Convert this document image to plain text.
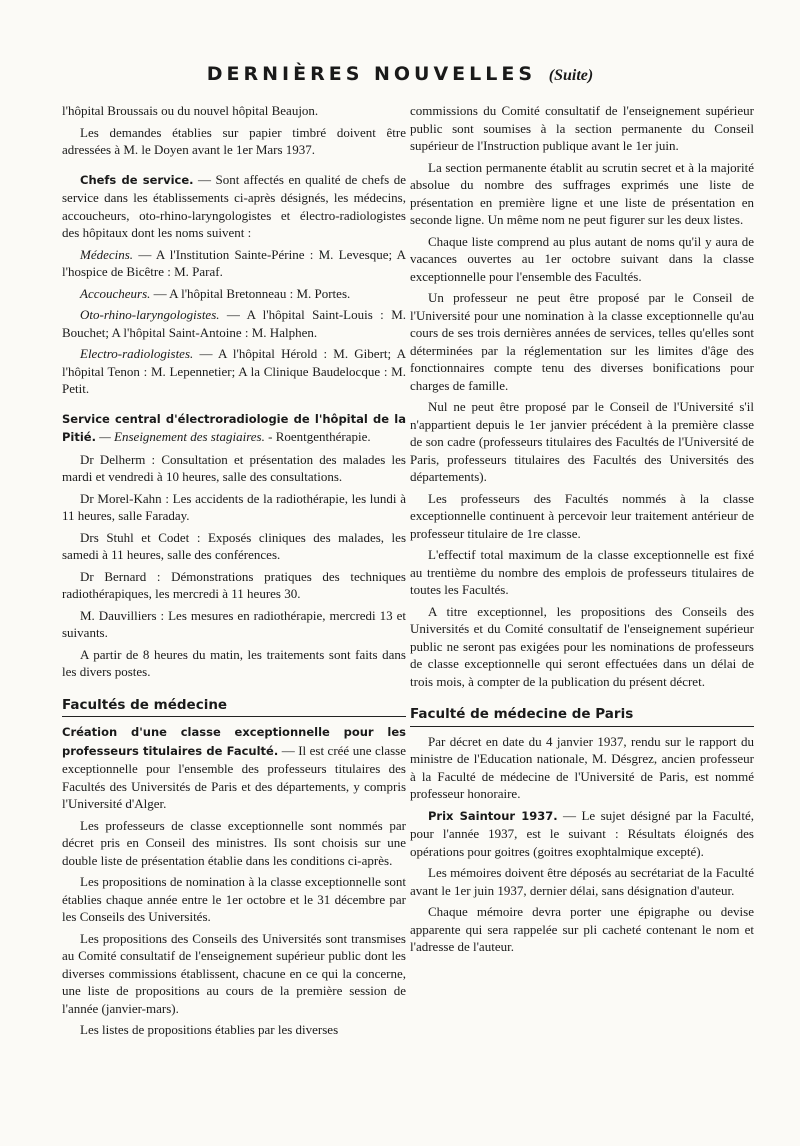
DERNIÈRES NOUVELLES (Suite)

l'hôpital Broussais ou du nouvel hôpital Beaujon.

Les demandes établies sur papier timbré doivent être adressées à M. le Doyen avant le 1er Mars 1937.

Chefs de service. — Sont affectés en qualité de chefs de service dans les établissements ci-après désignés, les médecins, accoucheurs, oto-rhino-laryngologistes et électro-radiologistes des hôpitaux dont les noms suivent :

Médecins. — A l'Institution Sainte-Périne : M. Levesque; A l'hospice de Bicêtre : M. Paraf.

Accoucheurs. — A l'hôpital Bretonneau : M. Portes.

Oto-rhino-laryngologistes. — A l'hôpital Saint-Louis : M. Bouchet; A l'hôpital Saint-Antoine : M. Halphen.

Electro-radiologistes. — A l'hôpital Hérold : M. Gibert; A l'hôpital Tenon : M. Lepennetier; A la Clinique Baudelocque : M. Petit.

Service central d'électroradiologie de l'hôpital de la Pitié. — Enseignement des stagiaires. - Roentgenthérapie.

Dr Delherm : Consultation et présentation des malades les mardi et vendredi à 10 heures, salle des consultations.

Dr Morel-Kahn : Les accidents de la radiothérapie, les lundi à 11 heures, salle Faraday.

Drs Stuhl et Codet : Exposés cliniques des malades, les samedi à 11 heures, salle des conférences.

Dr Bernard : Démonstrations pratiques des techniques radiothérapiques, les mercredi à 11 heures 30.

M. Dauvilliers : Les mesures en radiothérapie, mercredi 13 et suivants.

A partir de 8 heures du matin, les traitements sont faits dans les divers postes.

Facultés de médecine

Création d'une classe exceptionnelle pour les professeurs titulaires de Faculté. — Il est créé une classe exceptionnelle pour l'ensemble des professeurs titulaires des Facultés des Universités de Paris et des départements, y compris l'Université d'Alger.

Les professeurs de classe exceptionnelle sont nommés par décret pris en Conseil des ministres. Ils sont choisis sur une double liste de présentation établie dans les conditions ci-après.

Les propositions de nomination à la classe exceptionnelle sont établies chaque année entre le 1er octobre et le 31 décembre par les Conseils des Universités.

Les propositions des Conseils des Universités sont transmises au Comité consultatif de l'enseignement supérieur public dont les diverses commissions établissent, chacune en ce qui la concerne, une liste de propositions au cours de la première session de l'année (janvier-mars).

Les listes de propositions établies par les diverses

commissions du Comité consultatif de l'enseignement supérieur public sont soumises à la section permanente du Conseil supérieur de l'Instruction publique avant le 1er juin.

La section permanente établit au scrutin secret et à la majorité absolue du nombre des suffrages exprimés une liste de présentation en première ligne et une liste de présentation en seconde ligne. Un même nom ne peut figurer sur les deux listes.

Chaque liste comprend au plus autant de noms qu'il y aura de vacances ouvertes au 1er octobre suivant dans la classe exceptionnelle pour l'ensemble des Facultés.

Un professeur ne peut être proposé par le Conseil de l'Université pour une nomination à la classe exceptionnelle qu'au cours de ses trois dernières années de services, telles qu'elles sont déterminées par la réglementation sur les limites d'âge des fonctionnaires compte tenu des diverses bonifications pour charges de famille.

Nul ne peut être proposé par le Conseil de l'Université s'il n'appartient depuis le 1er janvier précédent à la première classe de son cadre (professeurs titulaires des Facultés de l'Université de Paris, professeurs titulaires des Facultés des Universités des départements).

Les professeurs des Facultés nommés à la classe exceptionnelle continuent à percevoir leur traitement antérieur de professeur titulaire de 1re classe.

L'effectif total maximum de la classe exceptionnelle est fixé au trentième du nombre des emplois de professeurs titulaires de toutes les Facultés.

A titre exceptionnel, les propositions des Conseils des Universités et du Comité consultatif de l'enseignement supérieur public ne seront pas exigées pour les nominations de professeurs de classe exceptionnelle qui seront effectuées dans un délai de trois mois, à compter de la publication du présent décret.

Faculté de médecine de Paris

Par décret en date du 4 janvier 1937, rendu sur le rapport du ministre de l'Education nationale, M. Désgrez, ancien professeur à la Faculté de médecine de l'Université de Paris, est nommé professeur honoraire.

Prix Saintour 1937. — Le sujet désigné par la Faculté, pour l'année 1937, est le suivant : Résultats éloignés des opérations pour goitres (goitres exophtalmique excepté).

Les mémoires doivent être déposés au secrétariat de la Faculté avant le 1er juin 1937, dernier délai, sans désignation d'auteur.

Chaque mémoire devra porter une épigraphe ou devise apparente qui sera rappelée sur pli cacheté contenant le nom et l'adresse de l'auteur.
